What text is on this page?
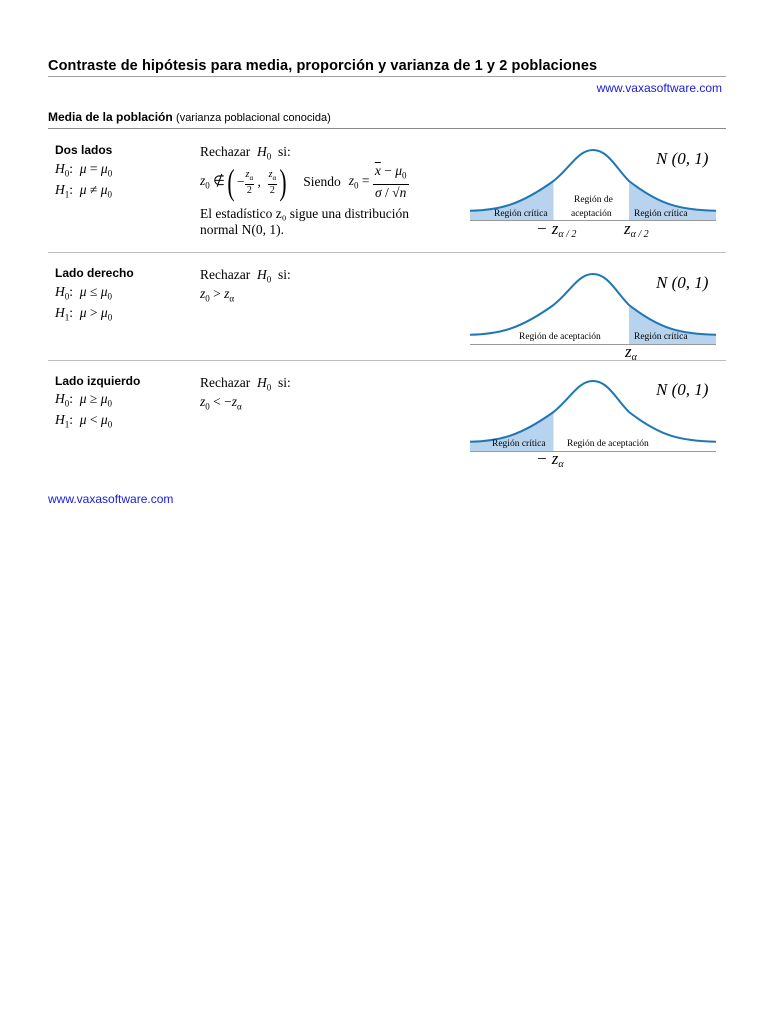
Contraste de hipótesis para media, proporción y varianza de 1 y 2 poblaciones
www.vaxasoftware.com
Media de la población (varianza poblacional conocida)
Dos lados
$H_0$:  $\mu = \mu_0$
$H_1$:  $\mu \ne \mu_0$
Rechazar $H_0$ si:
$z_0$ ∉ ( − $\frac{z_\alpha}{2}$ , $\frac{z_\alpha}{2}$ ) Siendo $z_0 = \frac{\overline{x} - \mu_0}{\sigma / √n}$
El estadístico z₀ sigue una distribución normal N(0, 1).
N (0, 1)
Región crítica
Región de
aceptación Región crítica
− zα / 2	zα / 2
Lado derecho
$H_0$:  $\mu \le \mu_0$
$H_1$:  $\mu > \mu_0$
Rechazar $H_0$ si:
$z_0 > z_\alpha$
N (0, 1)
Región de aceptación	Región crítica
zα
Lado izquierdo
$H_0$:  $\mu \ge \mu_0$
$H_1$:  $\mu < \mu_0$
Rechazar $H_0$ si:
$z_0 < -z_\alpha$
N (0, 1)
Región crítica Región de aceptación
− zα
www.vaxasoftware.com
